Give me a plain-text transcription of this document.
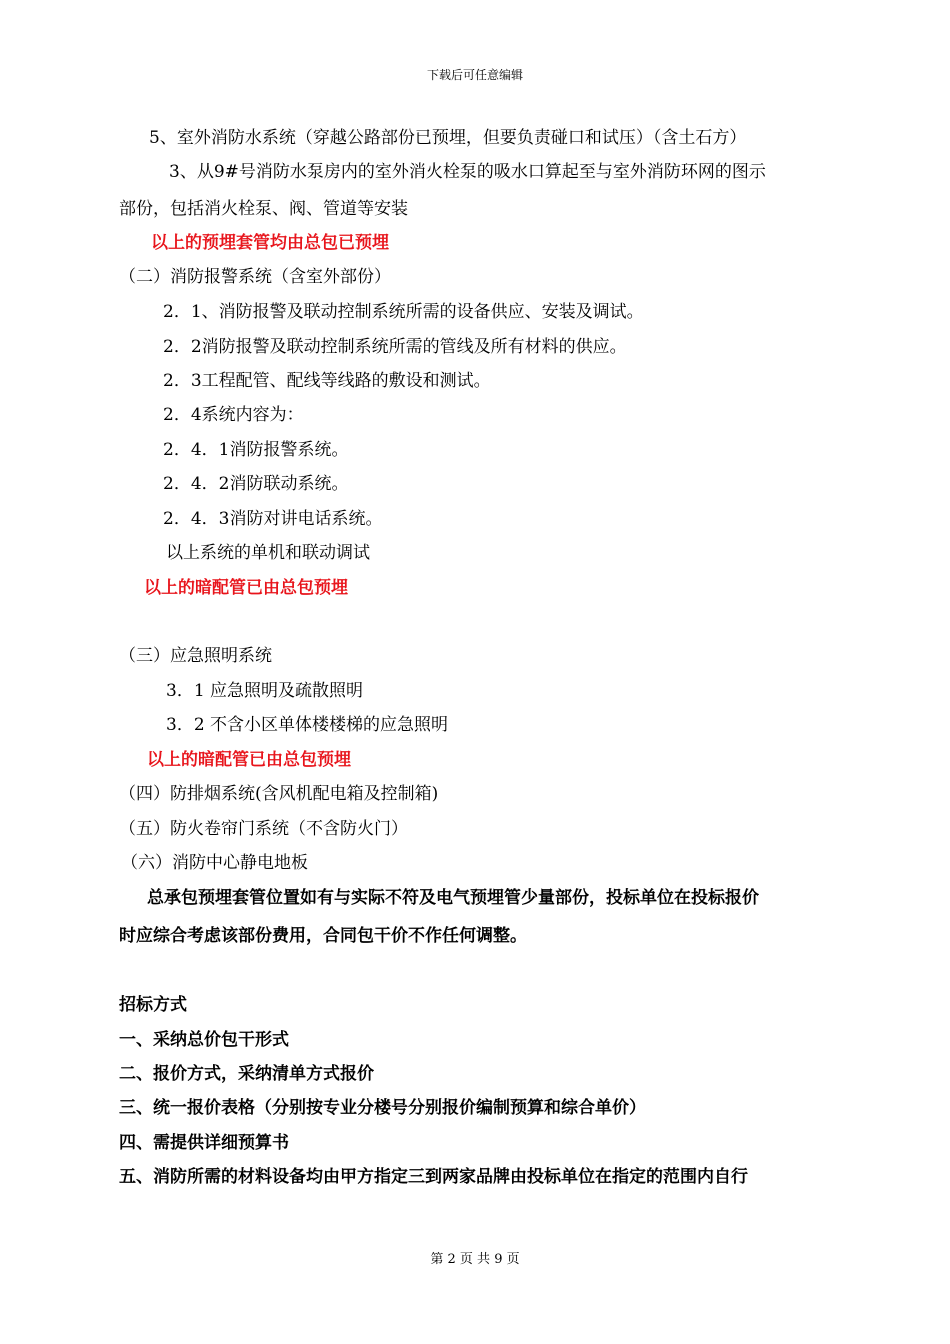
下载后可任意编辑
5、室外消防水系统（穿越公路部份已预埋，但要负责碰口和试压）（含土石方）
3、从9#号消防水泵房内的室外消火栓泵的吸水口算起至与室外消防环网的图示
部份，包括消火栓泵、阀、管道等安装
以上的预埋套管均由总包已预埋
（二）消防报警系统（含室外部份）
2．1、消防报警及联动控制系统所需的设备供应、安装及调试。
2．2消防报警及联动控制系统所需的管线及所有材料的供应。
2．3工程配管、配线等线路的敷设和测试。
2．4系统内容为：
2．4．1消防报警系统。
2．4．2消防联动系统。
2．4．3消防对讲电话系统。
以上系统的单机和联动调试
以上的暗配管已由总包预埋
（三）应急照明系统
3．1 应急照明及疏散照明
3．2 不含小区单体楼楼梯的应急照明
以上的暗配管已由总包预埋
（四）防排烟系统(含风机配电箱及控制箱)
（五）防火卷帘门系统（不含防火门）
（六）消防中心静电地板
总承包预埋套管位置如有与实际不符及电气预埋管少量部份，投标单位在投标报价
时应综合考虑该部份费用，合同包干价不作任何调整。
招标方式
一、采纳总价包干形式
二、报价方式，采纳清单方式报价
三、统一报价表格（分别按专业分楼号分别报价编制预算和综合单价）
四、需提供详细预算书
五、消防所需的材料设备均由甲方指定三到两家品牌由投标单位在指定的范围内自行
第 2 页 共 9 页
